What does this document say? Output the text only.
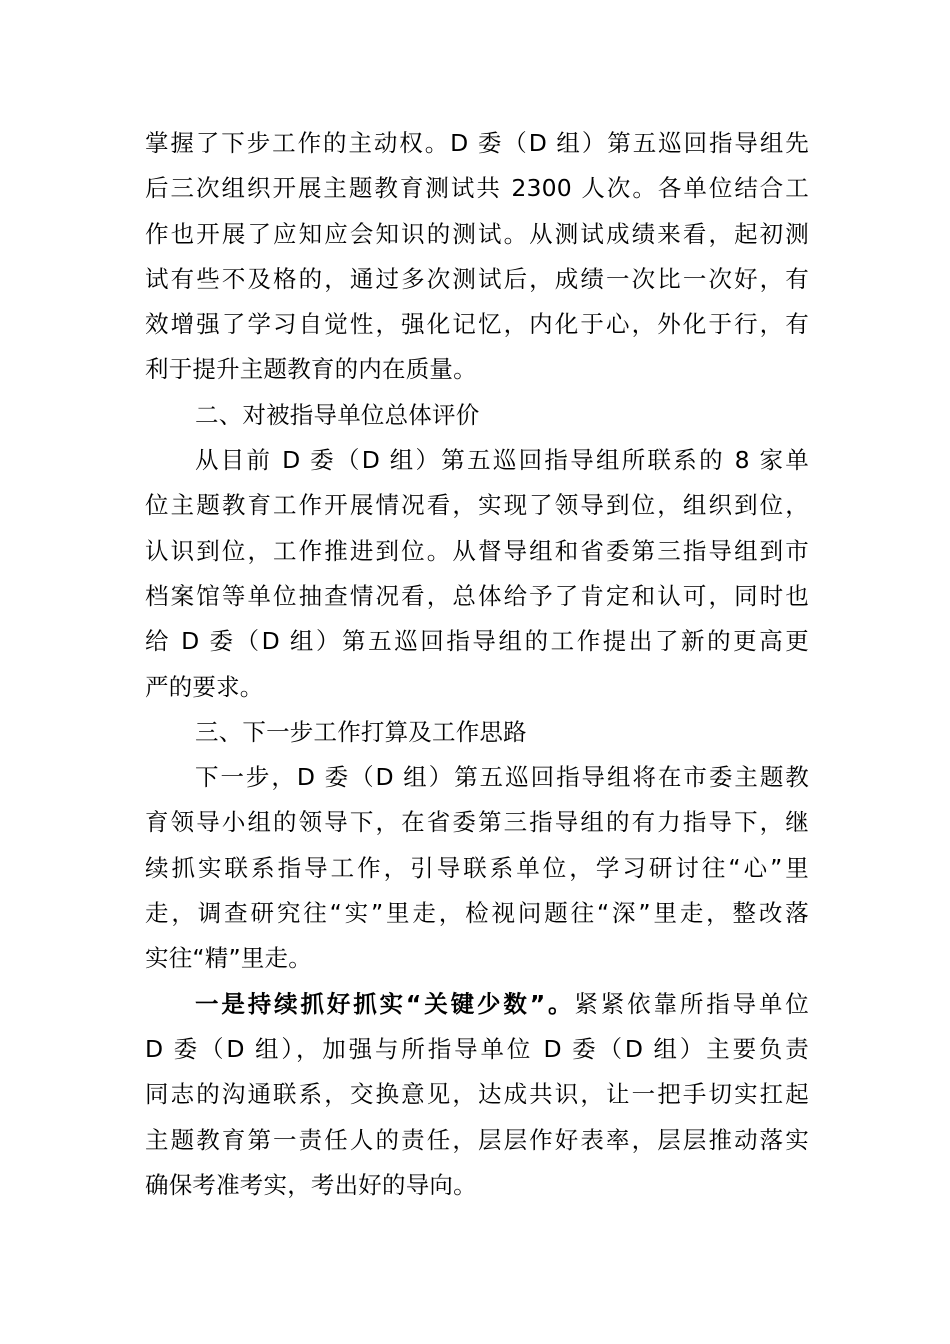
掌握了下步工作的主动权。D 委（D 组）第五巡回指导组先
后三次组织开展主题教育测试共 2300 人次。各单位结合工
作也开展了应知应会知识的测试。从测试成绩来看，起初测
试有些不及格的，通过多次测试后，成绩一次比一次好，有
效增强了学习自觉性，强化记忆，内化于心，外化于行，有
利于提升主题教育的内在质量。
二、对被指导单位总体评价
从目前 D 委（D 组）第五巡回指导组所联系的 8 家单
位主题教育工作开展情况看，实现了领导到位，组织到位，
认识到位，工作推进到位。从督导组和省委第三指导组到市
档案馆等单位抽查情况看，总体给予了肯定和认可，同时也
给 D 委（D 组）第五巡回指导组的工作提出了新的更高更
严的要求。
三、下一步工作打算及工作思路
下一步，D 委（D 组）第五巡回指导组将在市委主题教
育领导小组的领导下，在省委第三指导组的有力指导下，继
续抓实联系指导工作，引导联系单位，学习研讨往“心”里
走，调查研究往“实”里走，检视问题往“深”里走，整改落
实往“精”里走。
一是持续抓好抓实“关键少数”。紧紧依靠所指导单位
D 委（D 组），加强与所指导单位 D 委（D 组）主要负责
同志的沟通联系，交换意见，达成共识，让一把手切实扛起
主题教育第一责任人的责任，层层作好表率，层层推动落实
确保考准考实，考出好的导向。
